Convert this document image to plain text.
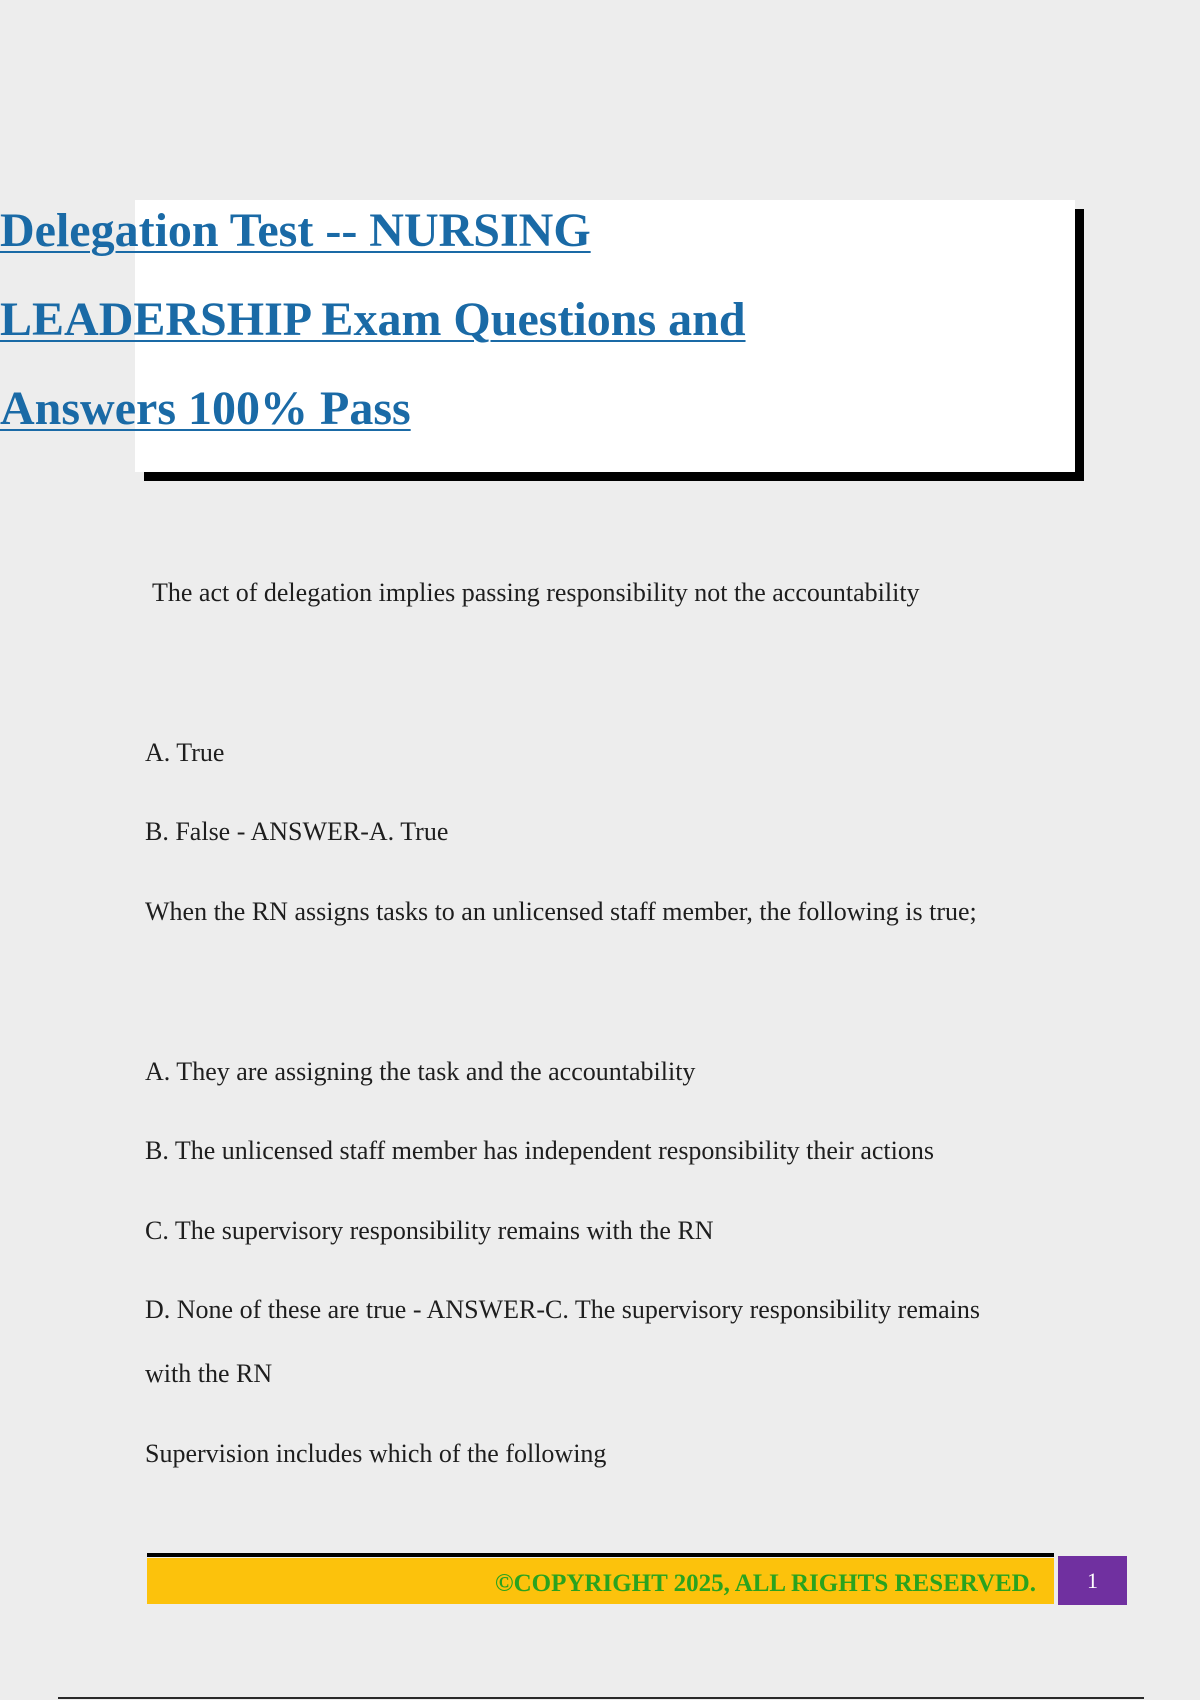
Delegation Test -- NURSING
LEADERSHIP Exam Questions and
Answers 100% Pass
The act of delegation implies passing responsibility not the accountability
A. True
B. False - ANSWER-A. True
When the RN assigns tasks to an unlicensed staff member, the following is true;
A. They are assigning the task and the accountability
B. The unlicensed staff member has independent responsibility their actions
C. The supervisory responsibility remains with the RN
D. None of these are true - ANSWER-C. The supervisory responsibility remains
with the RN
Supervision includes which of the following
©COPYRIGHT 2025, ALL RIGHTS RESERVED.	1
